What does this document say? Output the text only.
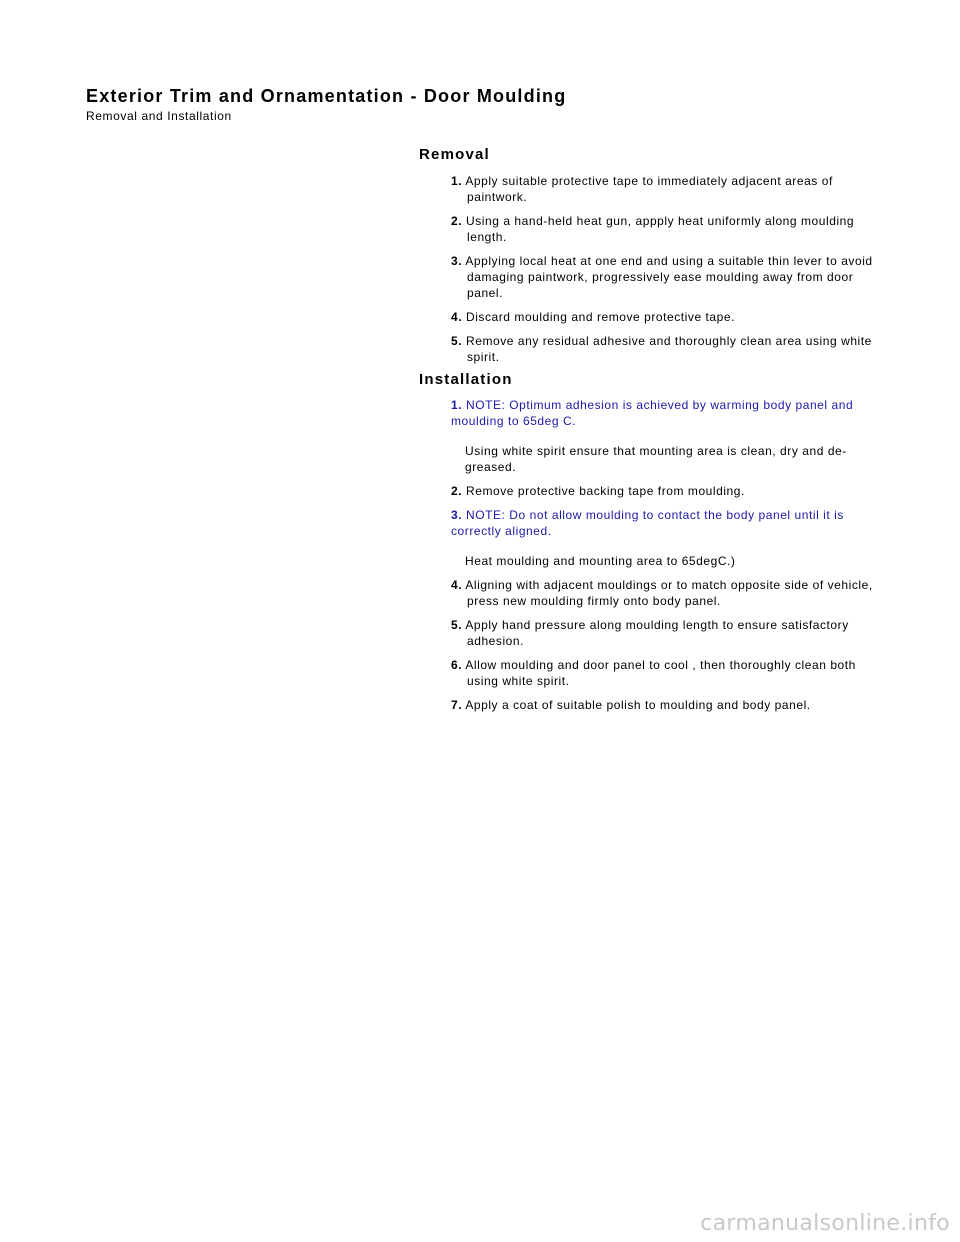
Exterior Trim and Ornamentation - Door Moulding
Removal and Installation
Removal
1. Apply suitable protective tape to immediately adjacent areas of paintwork.
2. Using a hand-held heat gun, appply heat uniformly along moulding length.
3. Applying local heat at one end and using a suitable thin lever to avoid damaging paintwork, progressively ease moulding away from door panel.
4. Discard moulding and remove protective tape.
5. Remove any residual adhesive and thoroughly clean area using white spirit.
Installation
1. NOTE: Optimum adhesion is achieved by warming body panel and moulding to 65deg C.
Using white spirit ensure that mounting area is clean, dry and de-greased.
2. Remove protective backing tape from moulding.
3. NOTE: Do not allow moulding to contact the body panel until it is correctly aligned.
Heat moulding and mounting area to 65degC.)
4. Aligning with adjacent mouldings or to match opposite side of vehicle, press new moulding firmly onto body panel.
5. Apply hand pressure along moulding length to ensure satisfactory adhesion.
6. Allow moulding and door panel to cool , then thoroughly clean both using white spirit.
7. Apply a coat of suitable polish to moulding and body panel.
carmanualsonline.info
